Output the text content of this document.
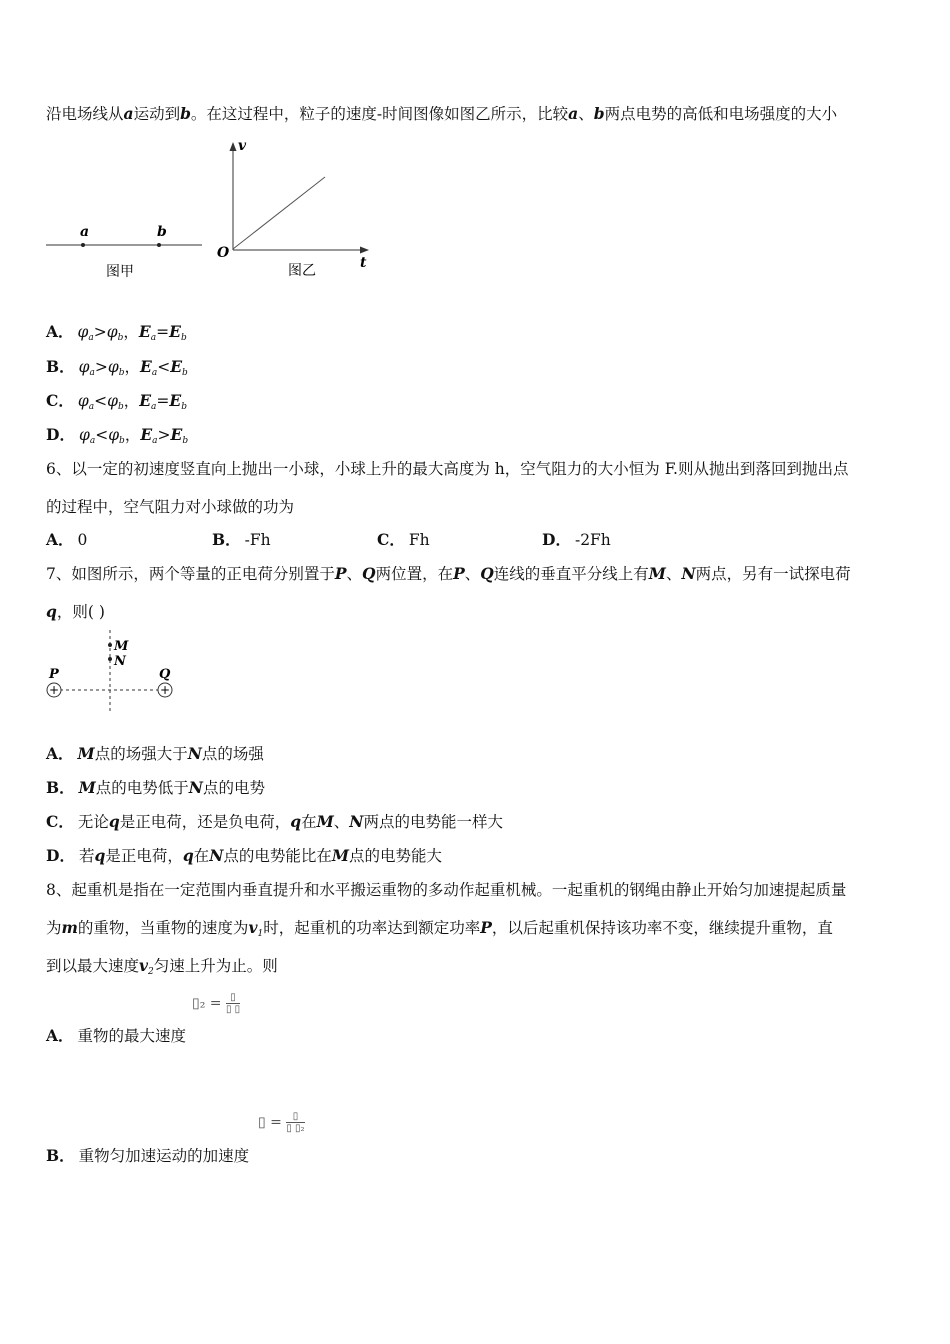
沿电场线从a运动到b。在这过程中，粒子的速度-时间图像如图乙所示，比较a、b两点电势的高低和电场强度的大小
a	b
图甲
v
t
O
图乙
A． $\varphi_a>\varphi_b$，$E_a=E_b$
B． $\varphi_a>\varphi_b$，$E_a<E_b$
C． $\varphi_a<\varphi_b$，$E_a=E_b$
D． $\varphi_a<\varphi_b$，$E_a>E_b$
6、以一定的初速度竖直向上抛出一小球，小球上升的最大高度为 h，空气阻力的大小恒为 F.则从抛出到落回到抛出点
的过程中，空气阻力对小球做的功为
A． 0	B． -Fh	C． Fh	D． -2Fh
7、如图所示，两个等量的正电荷分别置于P、Q两位置，在P、Q连线的垂直平分线上有M、N两点，另有一试探电荷
q，则( )
+	+
M
N
P	Q
A． M点的场强大于N点的场强
B． M点的电势低于N点的电势
C． 无论q是正电荷，还是负电荷，q在M、N两点的电势能一样大
D． 若q是正电荷，q在N点的电势能比在M点的电势能大
8、起重机是指在一定范围内垂直提升和水平搬运重物的多动作起重机械。一起重机的钢绳由静止开始匀加速提起质量
为m的重物，当重物的速度为$v_1$时，起重机的功率达到额定功率P，以后起重机保持该功率不变，继续提升重物，直
到以最大速度$v_2$匀速上升为止。则
▯₂ = $\frac{▯}{▯ ▯}$
A． 重物的最大速度
▯ = $\frac{▯}{\text{▯ ▯₂}}$
B． 重物匀加速运动的加速度
